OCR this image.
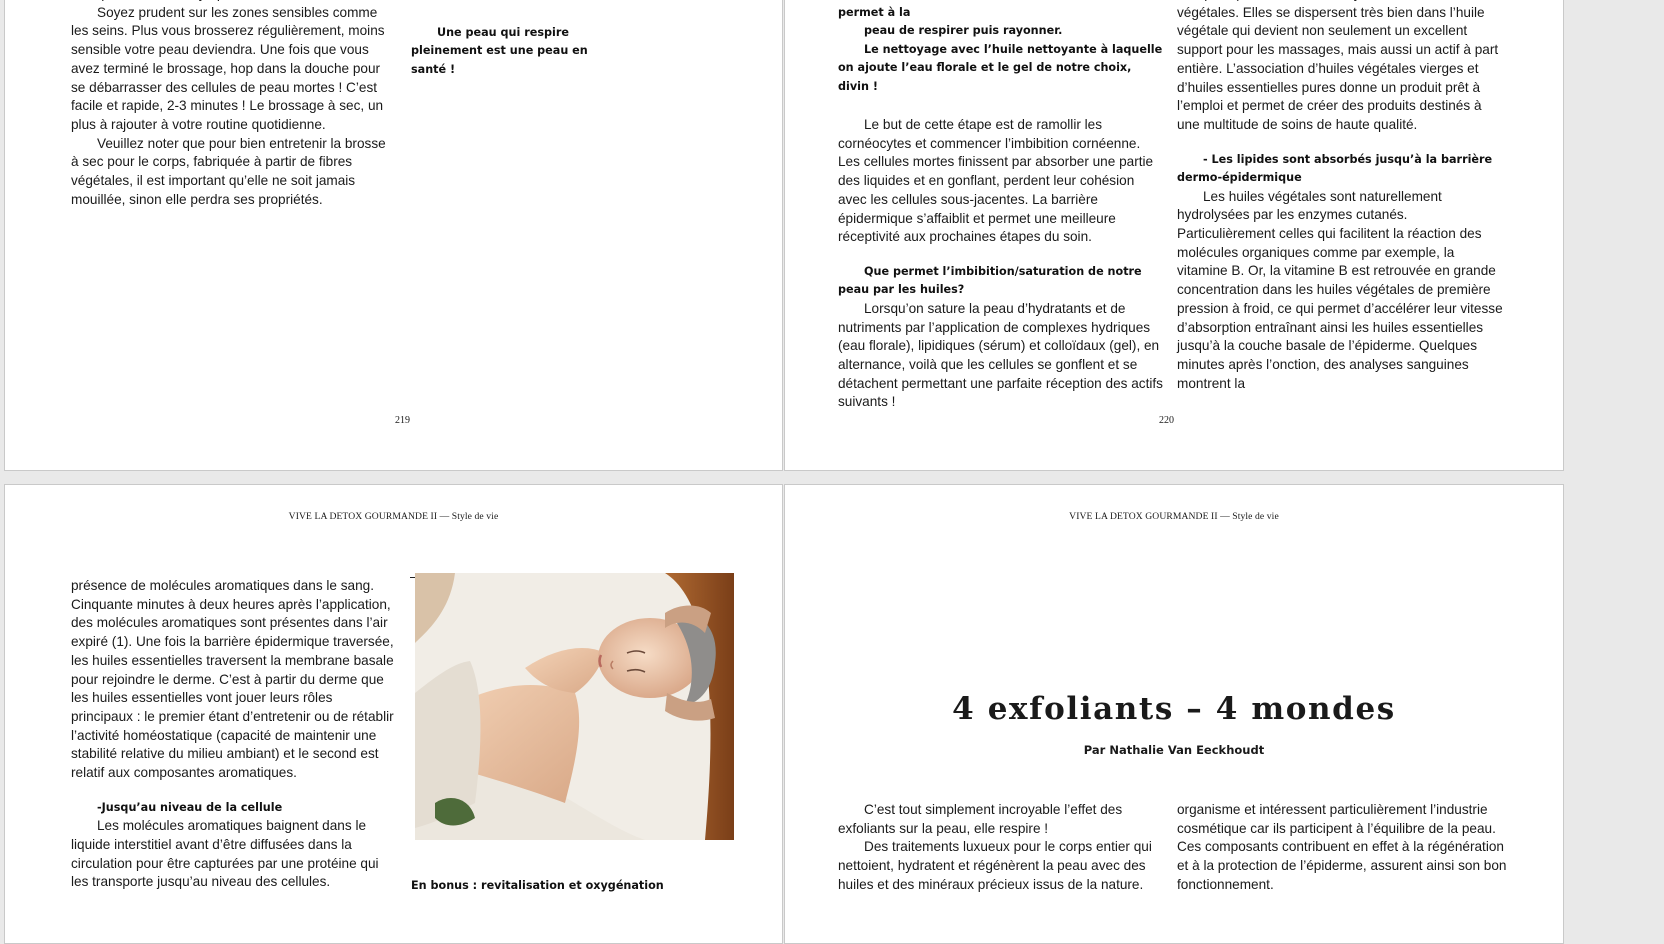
Soyez prudent sur les zones sensibles comme les seins. Plus vous brosserez régulièrement, moins sensible votre peau deviendra. Une fois que vous avez terminé le brossage, hop dans la douche pour se débarrasser des cellules de peau mortes ! C’est facile et rapide, 2-3 minutes ! Le brossage à sec, un plus à rajouter à votre routine quotidienne.

Veuillez noter que pour bien entretenir la brosse à sec pour le corps, fabriquée à partir de fibres végétales, il est important qu’elle ne soit jamais mouillée, sinon elle perdra ses propriétés.

Une peau qui respire pleinement est une peau en santé !

219

permet à la

peau de respirer puis rayonner.

Le nettoyage avec l’huile nettoyante à laquelle on ajoute l’eau florale et le gel de notre choix, divin !

Le but de cette étape est de ramollir les cornéocytes et commencer l’imbibition cornéenne. Les cellules mortes finissent par absorber une partie des liquides et en gonflant, perdent leur cohésion avec les cellules sous-jacentes. La barrière épidermique s’affaiblit et permet une meilleure réceptivité aux prochaines étapes du soin.

Que permet l’imbibition/saturation de notre peau par les huiles?

Lorsqu’on sature la peau d’hydratants et de nutriments par l’application de complexes hydriques (eau florale), lipidiques (sérum) et colloïdaux (gel), en alternance, voilà que les cellules se gonflent et se détachent permettant une parfaite réception des actifs suivants !

végétales. Elles se dispersent très bien dans l’huile végétale qui devient non seulement un excellent support pour les massages, mais aussi un actif à part entière. L’association d’huiles végétales vierges et d’huiles essentielles pures donne un produit prêt à l’emploi et permet de créer des produits destinés à une multitude de soins de haute qualité.

- Les lipides sont absorbés jusqu’à la barrière dermo-épidermique

Les huiles végétales sont naturellement hydrolysées par les enzymes cutanés. Particulièrement celles qui facilitent la réaction des molécules organiques comme par exemple, la vitamine B. Or, la vitamine B est retrouvée en grande concentration dans les huiles végétales de première pression à froid, ce qui permet d’accélérer leur vitesse d’absorption entraînant ainsi les huiles essentielles jusqu’à la couche basale de l’épiderme. Quelques minutes après l’onction, des analyses sanguines montrent la

220
VIVE LA DETOX GOURMANDE II — Style de vie

présence de molécules aromatiques dans le sang. Cinquante minutes à deux heures après l’application, des molécules aromatiques sont présentes dans l’air expiré (1). Une fois la barrière épidermique traversée, les huiles essentielles traversent la membrane basale pour rejoindre le derme. C’est à partir du derme que les huiles essentielles vont jouer leurs rôles principaux : le premier étant d’entretenir ou de rétablir l’activité homéostatique (capacité de maintenir une stabilité relative du milieu ambiant) et le second est relatif aux composantes aromatiques.

-Jusqu’au niveau de la cellule

Les molécules aromatiques baignent dans le liquide interstitiel avant d’être diffusées dans la circulation pour être capturées par une protéine qui les transporte jusqu’au niveau des cellules.	En bonus : revitalisation et oxygénation
VIVE LA DETOX GOURMANDE II — Style de vie
4 exfoliants – 4 mondes
Par Nathalie Van Eeckhoudt

C’est tout simplement incroyable l’effet des exfoliants sur la peau, elle respire !

Des traitements luxueux pour le corps entier qui nettoient, hydratent et régénèrent la peau avec des huiles et des minéraux précieux issus de la nature.

organisme et intéressent particulièrement l’industrie cosmétique car ils participent à l’équilibre de la peau. Ces composants contribuent en effet à la régénération et à la protection de l’épiderme, assurent ainsi son bon fonctionnement.
